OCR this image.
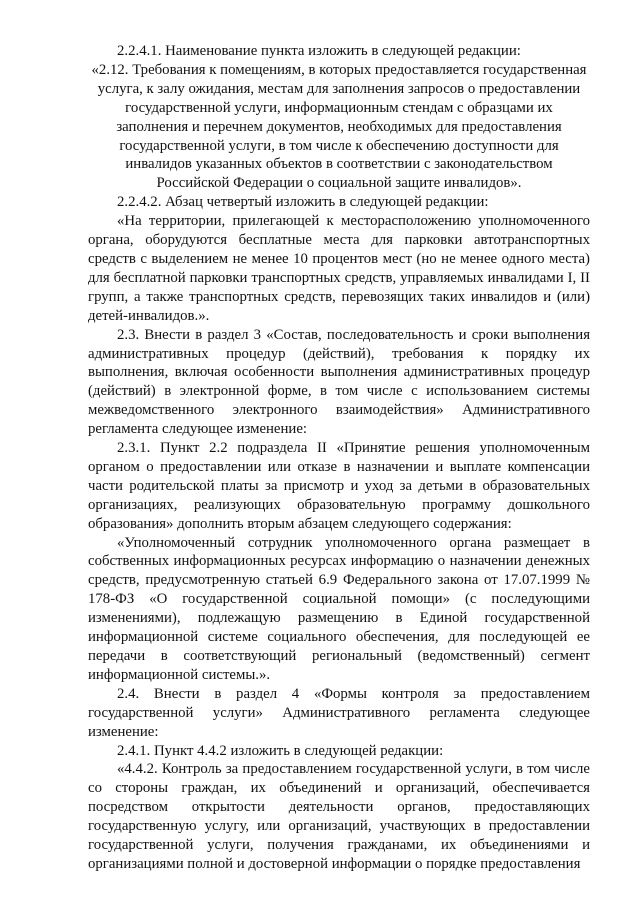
2.2.4.1. Наименование пункта изложить в следующей редакции:

«2.12. Требования к помещениям, в которых предоставляется государственная услуга, к залу ожидания, местам для заполнения запросов о предоставлении государственной услуги, информационным стендам с образцами их заполнения и перечнем документов, необходимых для предоставления государственной услуги, в том числе к обеспечению доступности для инвалидов указанных объектов в соответствии с законодательством Российской Федерации о социальной защите инвалидов».

2.2.4.2. Абзац четвертый изложить в следующей редакции:

«На территории, прилегающей к месторасположению уполномоченного органа, оборудуются бесплатные места для парковки автотранспортных средств с выделением не менее 10 процентов мест (но не менее одного места) для бесплатной парковки транспортных средств, управляемых инвалидами I, II групп, а также транспортных средств, перевозящих таких инвалидов и (или) детей-инвалидов.».

2.3. Внести в раздел 3 «Состав, последовательность и сроки выполнения административных процедур (действий), требования к порядку их выполнения, включая особенности выполнения административных процедур (действий) в электронной форме, в том числе с использованием системы межведомственного электронного взаимодействия» Административного регламента следующее изменение:

2.3.1. Пункт 2.2 подраздела II «Принятие решения уполномоченным органом о предоставлении или отказе в назначении и выплате компенсации части родительской платы за присмотр и уход за детьми в образовательных организациях, реализующих образовательную программу дошкольного образования» дополнить вторым абзацем следующего содержания:

«Уполномоченный сотрудник уполномоченного органа размещает в собственных информационных ресурсах информацию о назначении денежных средств, предусмотренную статьей 6.9 Федерального закона от 17.07.1999 № 178-ФЗ «О государственной социальной помощи» (с последующими изменениями), подлежащую размещению в Единой государственной информационной системе социального обеспечения, для последующей ее передачи в соответствующий региональный (ведомственный) сегмент информационной системы.».

2.4. Внести в раздел 4 «Формы контроля за предоставлением государственной услуги» Административного регламента следующее изменение:

2.4.1. Пункт 4.4.2 изложить в следующей редакции:

«4.4.2. Контроль за предоставлением государственной услуги, в том числе со стороны граждан, их объединений и организаций, обеспечивается посредством открытости деятельности органов, предоставляющих государственную услугу, или организаций, участвующих в предоставлении государственной услуги, получения гражданами, их объединениями и организациями полной и достоверной информации о порядке предоставления
